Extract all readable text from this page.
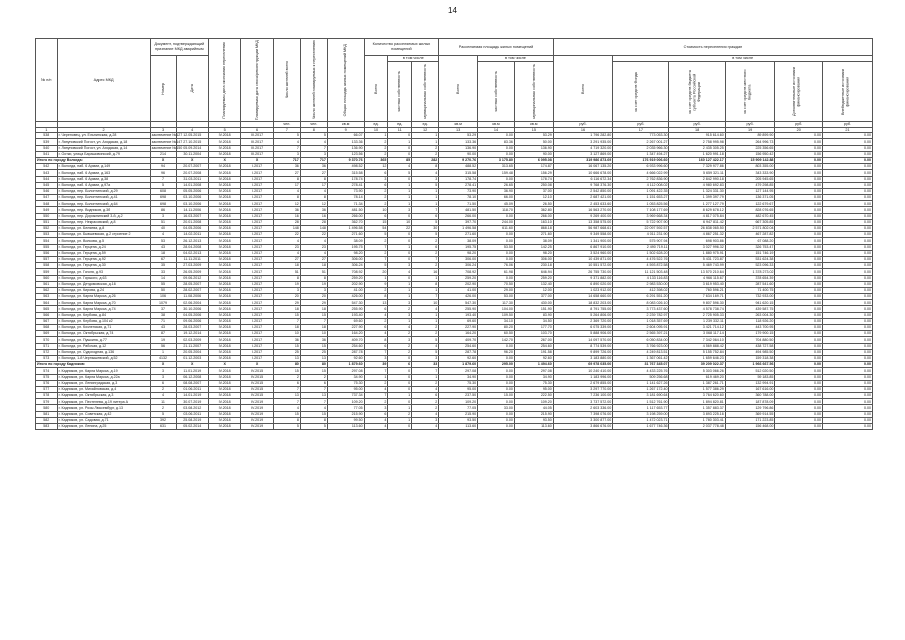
14
№ п/п	Адрес МКД	Документ, подтверждающий признание МКД аварийным		Планируемая дата окончания переселения	Планируемая дата сноса/реконструкции МКД	Число жителей всего	Число жителей планируемых к переселению	Общая площадь жилых помещений МКД	Количество расселяемых жилых помещений			Расселяемая площадь жилых помещений			Стоимость переселения граждан					

		Номер	Дата						Всего	в том числе		Всего	в том числе		Всего	в том числе				

										частная собственность	муниципальная собственность		частная собственность	муниципальная собственность		за счет средств Фонда	за счет средств бюджета субъекта Российской Федерации	за счет средств местного бюджета	Дополнительные источники финансирования	Внебюджетные источники финансирования

						чел.	чел.	кв.м	ед.	ед.	ед.	кв.м	кв.м	кв.м	руб.	руб.	руб.	руб.	руб.	руб.
1	2	3	4	5	6	7	8	9	10	11	12	13	14	15	16	17	18	19	20	21
538	г. Череповец, ул. Ельнинская, д.28	заключение №127	12.05.2015	IV.2018	III.2017	5	5	66.07	1	0	1	53.29	0.00	53.29	1 796 282.80	773 053.30	915 614.60	89 899.90	0.00	0.00
539	г. Ляпуновский Погост, ул. Ахидская, д.18	заключение №147	27.10.2015	IV.2018	III.2017	4	4	133.36	2	1	1	133.36	83.36	50.00	3 291 935.00	2 267 001.27	2 758 995.98	264 996.73	0.00	0.00
540	г. Ляпуновский Погост, ул. Ахидская, д.14	заключение №150	05.09.2014	IV.2018	III.2017	7	7	136.90	2	0	2	136.90	0.00	136.90	4 719 320.00	2 035 966.30	2 435 305.25	225 356.65	0.00	0.00
541	г. Оотки, улица Барашовинский, д.79	214	30.11.2004	IV.2018	III.2017	3	3	123.56	2	0	2	90.00	0.00	90.00	3 127 869.00	1 347 494.27	1 620 991.18	156 950.42	0.00	0.00
Итого по городу Вологда:		X	X	X	X	717	717	9 370.76	365	85	282	9 270.76	3 175.80	6 095.08	319 986 873.69	176 919 006.60	160 127 422.17	15 909 142.88	0.00	0.00
542	г. Вологда, наб. 6 Армии, д.149	94	20.07.2007	IV.2018	I.2017	36	36	498.52	12	4	8	488.52	313.65	174.87	16 067 135.20	6 933 996.60	7 329 977.86	803 355.00	0.00	0.00
543	г. Вологда, наб. 6 Армии, д.163	96	20.07.2008	IV.2018	I.2017	27	27	315.58	6	5	4	315.58	159.48	156.29	10 666 678.00	4 666 022.99	5 659 321.11	343 333.90	0.00	0.00
544	г. Вологда, наб. 6 Армии, д.38	7	31.03.2011	IV.2018	I.2017	8	8	178.74	3	0	3	178.74	0.00	178.74	6 116 672.34	2 762 836.90	2 842 990.18	205 945.65	0.00	0.00
545	г. Вологда, наб. 6 Армии, д.97а	5	14.01.2008	IV.2018	I.2017	17	17	278.41	6	1	5	278.41	26.65	250.08	9 768 376.30	4 112 008.02	4 980 692.83	479 298.85	0.00	0.00
546	г. Вологда, пер. Болонтинский, д.29	608	05.05.2006	IV.2018	I.2017	4	4	73.90	2	1	1	73.90	36.90	37.00	2 542 850.00	1 091 422.35	1 324 331.30	127 144.95	0.00	0.00
547	г. Вологда, пер. Болонтинский, д.41	698	03.10.2006	IV.2018	I.2017	8	8	78.14	2	1	1	78.10	66.00	12.10	2 687 421.00	1 151 653.27	1 399 397.79	136 371.05	0.00	0.00
548	г. Вологда, пер. Болонтинский, д.64	698	03.10.2006	IV.2018	I.2017	12	12	71.34	2	1	1	71.50	45.09	26.50	2 453 633.60	1 053 825.56	1 277 127.79	122 679.67	0.00	0.00
549	г. Вологда, пер. Водников, д.3б	86	14.11.2006	IV.2018	I.2017	36	36	481.50	10	3	7	481.50	118.70	362.80	16 563 270.00	7 108 177.69	8 629 678.12	828 076.65	0.00	0.00
550	г. Вологда, пер. Дорожнинский 3-й, д.2	3	16.03.2007	IV.2018	I.2017	16	16	266.00	6	0	6	266.00	0.00	266.00	9 269 400.00	3 969 668.34	4 817 075.84	482 670.45	0.00	0.00
551	г. Вологда, пер. Некрасовский, д.8	51	20.01.2008	IV.2018	I.2017	28	28	362.70	15	10	5	397.70	244.00	163.10	13 358 575.00	5 722 907.90	6 947 811.42	667 305.85	0.00	0.00
552	г. Вологда, ул. Беляева, д.8	40	04.05.2006	IV.2018	I.2017	148	148	1 496.58	54	22	30	1 496.58	611.60	868.18	56 987 668.61	22 097 592.57	26 838 065.50	2 571 802.04	0.00	0.00
553	г. Вологда, ул. Бывшевская, д.2 строение 2	4	14.02.2011	IV.2018	I.2017	22	22	271.60	5	0	5	271.60	0.00	271.60	9 349 558.00	4 011 231.90	4 867 251.32	467 287.82	0.00	0.00
554	г. Вологда, ул. Волкова, д.5	53	26.12.2013	IV.2018	I.2017	4	4	38.09	2	0	2	38.09	0.00	38.09	1 341 900.00	575 907.94	698 903.86	67 088.20	0.00	0.00
555	г. Вологда, ул. Герцена, д.24	43	28.04.2008	IV.2018	I.2017	23	23	195.75	7	1	6	195.75	53.50	142.25	6 867 910.00	2 490 719.11	3 027 996.32	326 753.47	0.00	0.00
556	г. Вологда, ул. Герцена, д.59	18	04.02.2013	IV.2018	I.2017	4	4	98.20	2	0	2	98.20	0.00	98.20	3 524 960.00	1 502 628.20	1 880 975.91	151 746.19	0.00	0.00
557	г. Вологда, ул. Герцена, д.92	67	11.11.2011	IV.2018	I.2017	27	27	306.00	7	0	7	306.00	0.00	306.00	10 439 871.00	4 476 522.76	5 431 723.87	531 624.38	0.00	0.00
558	г. Вологда, ул. Герцена, д.30	35	27.03.2009	IV.2018	I.2017	18	18	306.24	5	3	2	306.24	76.06	230.18	10 551 572.00	4 593 872.58	5 469 743.99	523 096.33	0.00	0.00
559	г. Вологда, ул. Гоголя, д.93	33	26.05.2009	IV.2018	I.2017	51	51	708.92	20	4	16	708.92	61.98	646.94	26 755 730.00	11 121 503.48	13 570 210.64	1 378 273.02	0.00	0.00
560	г. Вологда, ул. Горького, д.63	14	09.06.2012	IV.2018	I.2017	8	8	259.20	1	0	1	259.20	0.00	259.20	9 371 882.00	4 133 116.83	4 966 115.67	378 654.39	0.00	0.00
561	г. Вологда, ул. Детдомовская, д.16	55	28.05.2007	IV.2018	I.2017	19	19	202.90	9	1	8	202.90	70.50	132.40	6 890 020.00	2 983 530.00	3 619 953.40	287 541.60	0.00	0.00
562	г. Вологда, ул. Кирова, д.24	50	28.02.2007	IV.2018	I.2017	3	3	41.00	2	1	1	41.00	29.00	12.00	1 023 912.00	412 398.02	760 596.21	71 400.75	0.00	0.00
563	г. Вологда, ул. Карла Маркса, д.26	106	11.08.2006	IV.2018	I.2017	20	20	426.00	8	1	7	426.00	53.00	377.00	14 658 660.00	6 291 551.20	7 634 169.71	732 933.00	0.00	0.00
564	г. Вологда, ул. Карла Маркса, д.70	1079	02.06.2004	IV.2018	I.2017	29	29	547.30	13	3	10	547.30	117.30	430.00	18 832 203.00	8 083 026.10	9 807 596.30	941 620.15	0.00	0.00
565	г. Вологда, ул. Карла Маркса, д.74	37	30.10.2006	IV.2018	I.2017	18	18	255.90	6	2	4	255.90	104.00	151.90	8 791 755.00	3 773 437.60	4 578 738.74	439 587.75	0.00	0.00
566	г. Вологда, ул. Клубова, д.84	38	04.05.2006	IV.2018	I.2017	15	15	193.40	4	3	1	193.40	109.50	83.90	5 264 806.00	2 239 782.97	2 725 905.33	263 004.30	0.00	0.00
567	г. Вологда, ул. Клубова, д.104 к2	71	09.06.2006	IV.2018	I.2017	7	7	69.60	2	1	1	69.60	34.10	34.50	2 369 720.00	1 018 357.69	1 239 332.11	118 926.20	0.00	0.00
568	г. Вологда, ул. Козленская, д.71	43	28.03.2007	IV.2018	I.2017	18	18	227.90	6	4	2	227.90	80.20	177.70	6 075 339.00	2 604 095.91	3 421 714.12	443 700.95	0.00	0.00
569	г. Вологда, ул. Октябрьская, д.74	87	19.12.2014	IV.2018	I.2017	10	10	164.20	4	2	2	164.20	60.50	103.70	5 888 906.00	2 565 397.21	3 068 117.14	179 900.15	0.00	0.00
570	г. Вологда, ул. Пушкина, д.77	19	02.03.2009	IV.2018	I.2017	36	36	409.70	8	3	5	409.70	142.70	267.00	14 097 570.00	6 050 834.00	7 342 064.10	704 880.50	0.00	0.00
571	г. Вологда, ул. Рабочая, д.12	56	21.11.2007	IV.2018	I.2017	15	15	254.60	6	2	4	254.60	0.00	254.60	8 774 539.00	3 766 923.00	4 569 888.42	438 727.58	0.00	0.00
572	г. Вологда, ул. Судоходная, д.136	1	20.05.2004	IV.2018	I.2017	25	25	287.78	7	2	5	287.78	96.20	191.58	9 899 726.00	4 249 813.51	5 155 752.84	494 985.50	0.00	0.00
573	г. Вологда, 1-й Чернышевский, д.52	4132	01.12.2003	IV.2018	I.2017	13	13	92.60	3	0	3	92.60	0.00	92.60	3 183 880.00	1 367 061.42	1 659 646.23	159 318.38	0.00	0.00
Итого по городу Кадников:		X	X	X	X	80	80	1 879.60	39	6	33	1 879.60	295.00	1 494.60	69 978 035.00	31 767 345.07	39 209 022.37	1 966 667.56	0.00	0.00
574	г. Кадников, ул. Карла Маркса, д.19	3	11.01.2019	IV.2018	IV.2015	15	15	297.08	7	0	7	297.08	0.00	297.08	10 240 410.00	4 433 225.76	5 303 066.26	512 020.50	0.00	0.00
575	г. Кадников, ул. Карла Маркса, д.22а	3	06.12.2008	IV.2018	IV.2015	2	2	34.90	1	0	1	34.90	0.00	34.90	1 183 996.00	509 256.68	619 469.20	59 183.85	0.00	0.00
576	г. Кадников, ул. Ленинградская, д.3	6	08.08.2007	IV.2018	IV.2015	6	6	75.30	2	0	2	75.30	0.00	75.30	2 679 855.00	1 141 627.26	1 387 261.71	132 994.91	0.00	0.00
577	г. Кадников, ул. Михайловская, д.4	2	01.06.2011	IV.2018	IV.2015	7	7	95.00	4	0	4	95.00	0.00	95.00	3 297 770.00	1 267 172.40	1 577 386.29	167 616.00	0.00	0.00
578	г. Кадников, ул. Октябрьская, д.3	4	14.01.2019	IV.2018	IV.2015	13	13	737.34	7	1	6	237.50	15.00	222.50	7 236 100.00	3 181 690.64	3 764 620.60	360 788.00	0.00	0.00
579	г. Кадников, ул. Пестелева, д.19 литера А	11	30.07.2019	IV.2018	IV.2019	7	7	109.20	2	0	2	109.20	0.00	109.20	3 737 572.00	1 512 761.90	1 894 820.81	187 878.09	0.00	0.00
580	г. Кадников, ул. Розы Люксембург, д.13	2	03.08.2012	IV.2018	IV.2019	4	4	77.05	3	1	2	77.05	33.00	44.05	2 603 336.00	1 117 653.77	1 357 883.37	129 796.86	0.00	0.00
581	г. Кадников, ул. Советская, д.42	5	03.06.2011	IV.2018	IV.2019	15	15	215.90	6	2	4	215.90	0.00	215.90	7 398 076.00	3 198 259.00	3 893 225.16	369 914.55	0.00	0.00
582	г. Кадников, ул. Садовая, д.71	392	25.08.2019	IV.2018	IV.2019	8	8	99.50	4	1	3	93.50	0.00	93.50	3 300 877.00	1 472 023.71	1 780 303.41	171 223.85	0.00	0.00
583	г. Кадников, ул. Ленина, д.25	631	05.02.2014	IV.2018	IV.2019	5	5	113.60	4	0	4	113.60	0.00	113.60	3 866 676.00	1 677 746.36	2 037 778.48	156 468.00	0.00	0.00
